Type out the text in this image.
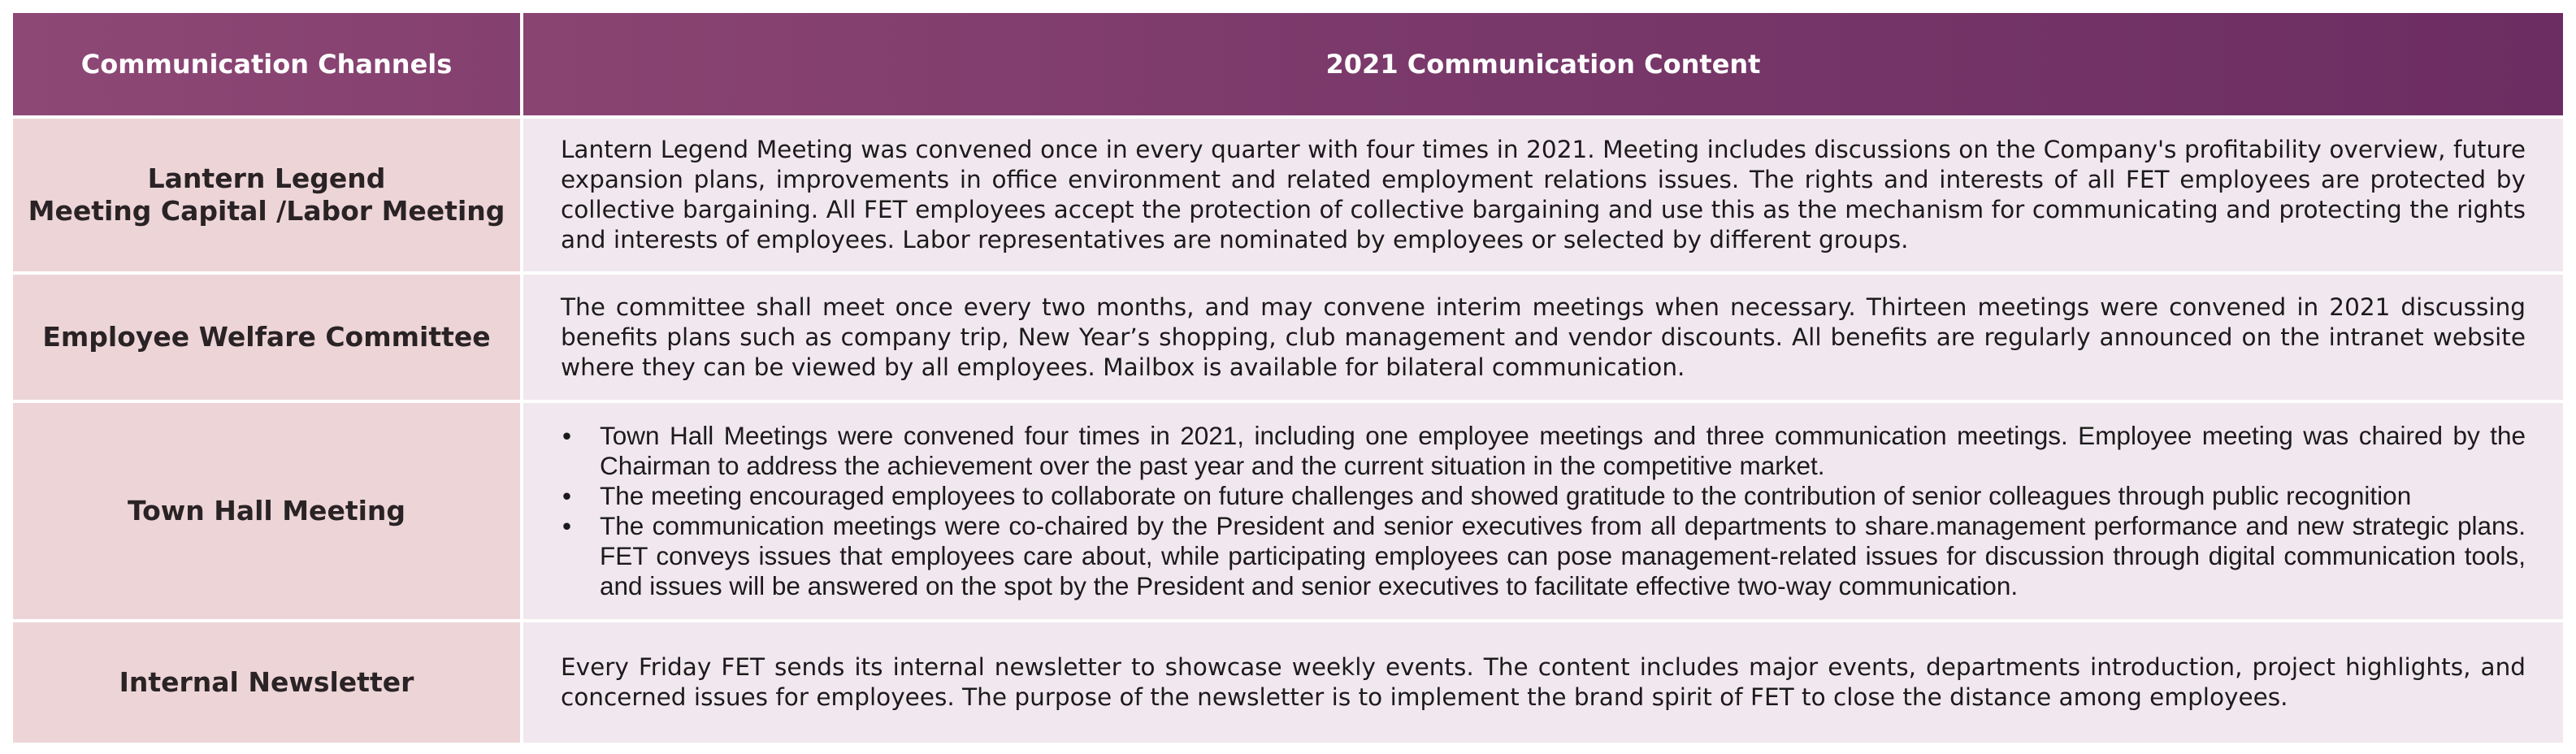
Communication Channels	2021 Communication Content
Lantern Legend
Meeting Capital /Labor Meeting

Lantern Legend Meeting was convened once in every quarter with four times in 2021. Meeting includes discussions on the Company's profitability overview, future expansion plans, improvements in office environment and related employment relations issues. The rights and interests of all FET employees are protected by collective bargaining. All FET employees accept the protection of collective bargaining and use this as the mechanism for communicating and protecting the rights and interests of employees. Labor representatives are nominated by employees or selected by different groups.

Employee Welfare Committee

The committee shall meet once every two months, and may convene interim meetings when necessary. Thirteen meetings were convened in 2021 discussing benefits plans such as company trip, New Year’s shopping, club management and vendor discounts. All benefits are regularly announced on the intranet website where they can be viewed by all employees. Mailbox is available for bilateral communication.

Town Hall Meeting
• Town Hall Meetings were convened four times in 2021, including one employee meetings and three communication meetings. Employee meeting was chaired by the Chairman to address the achievement over the past year and the current situation in the competitive market.
• The meeting encouraged employees to collaborate on future challenges and showed gratitude to the contribution of senior colleagues through public recognition
• The communication meetings were co-chaired by the President and senior executives from all departments to share.management performance and new strategic plans. FET conveys issues that employees care about, while participating employees can pose management-related issues for discussion through digital communication tools, and issues will be answered on the spot by the President and senior executives to facilitate effective two-way communication.
Internal Newsletter	Every Friday FET sends its internal newsletter to showcase weekly events. The content includes major events, departments introduction, project highlights, and concerned issues for employees. The purpose of the newsletter is to implement the brand spirit of FET to close the distance among employees.
